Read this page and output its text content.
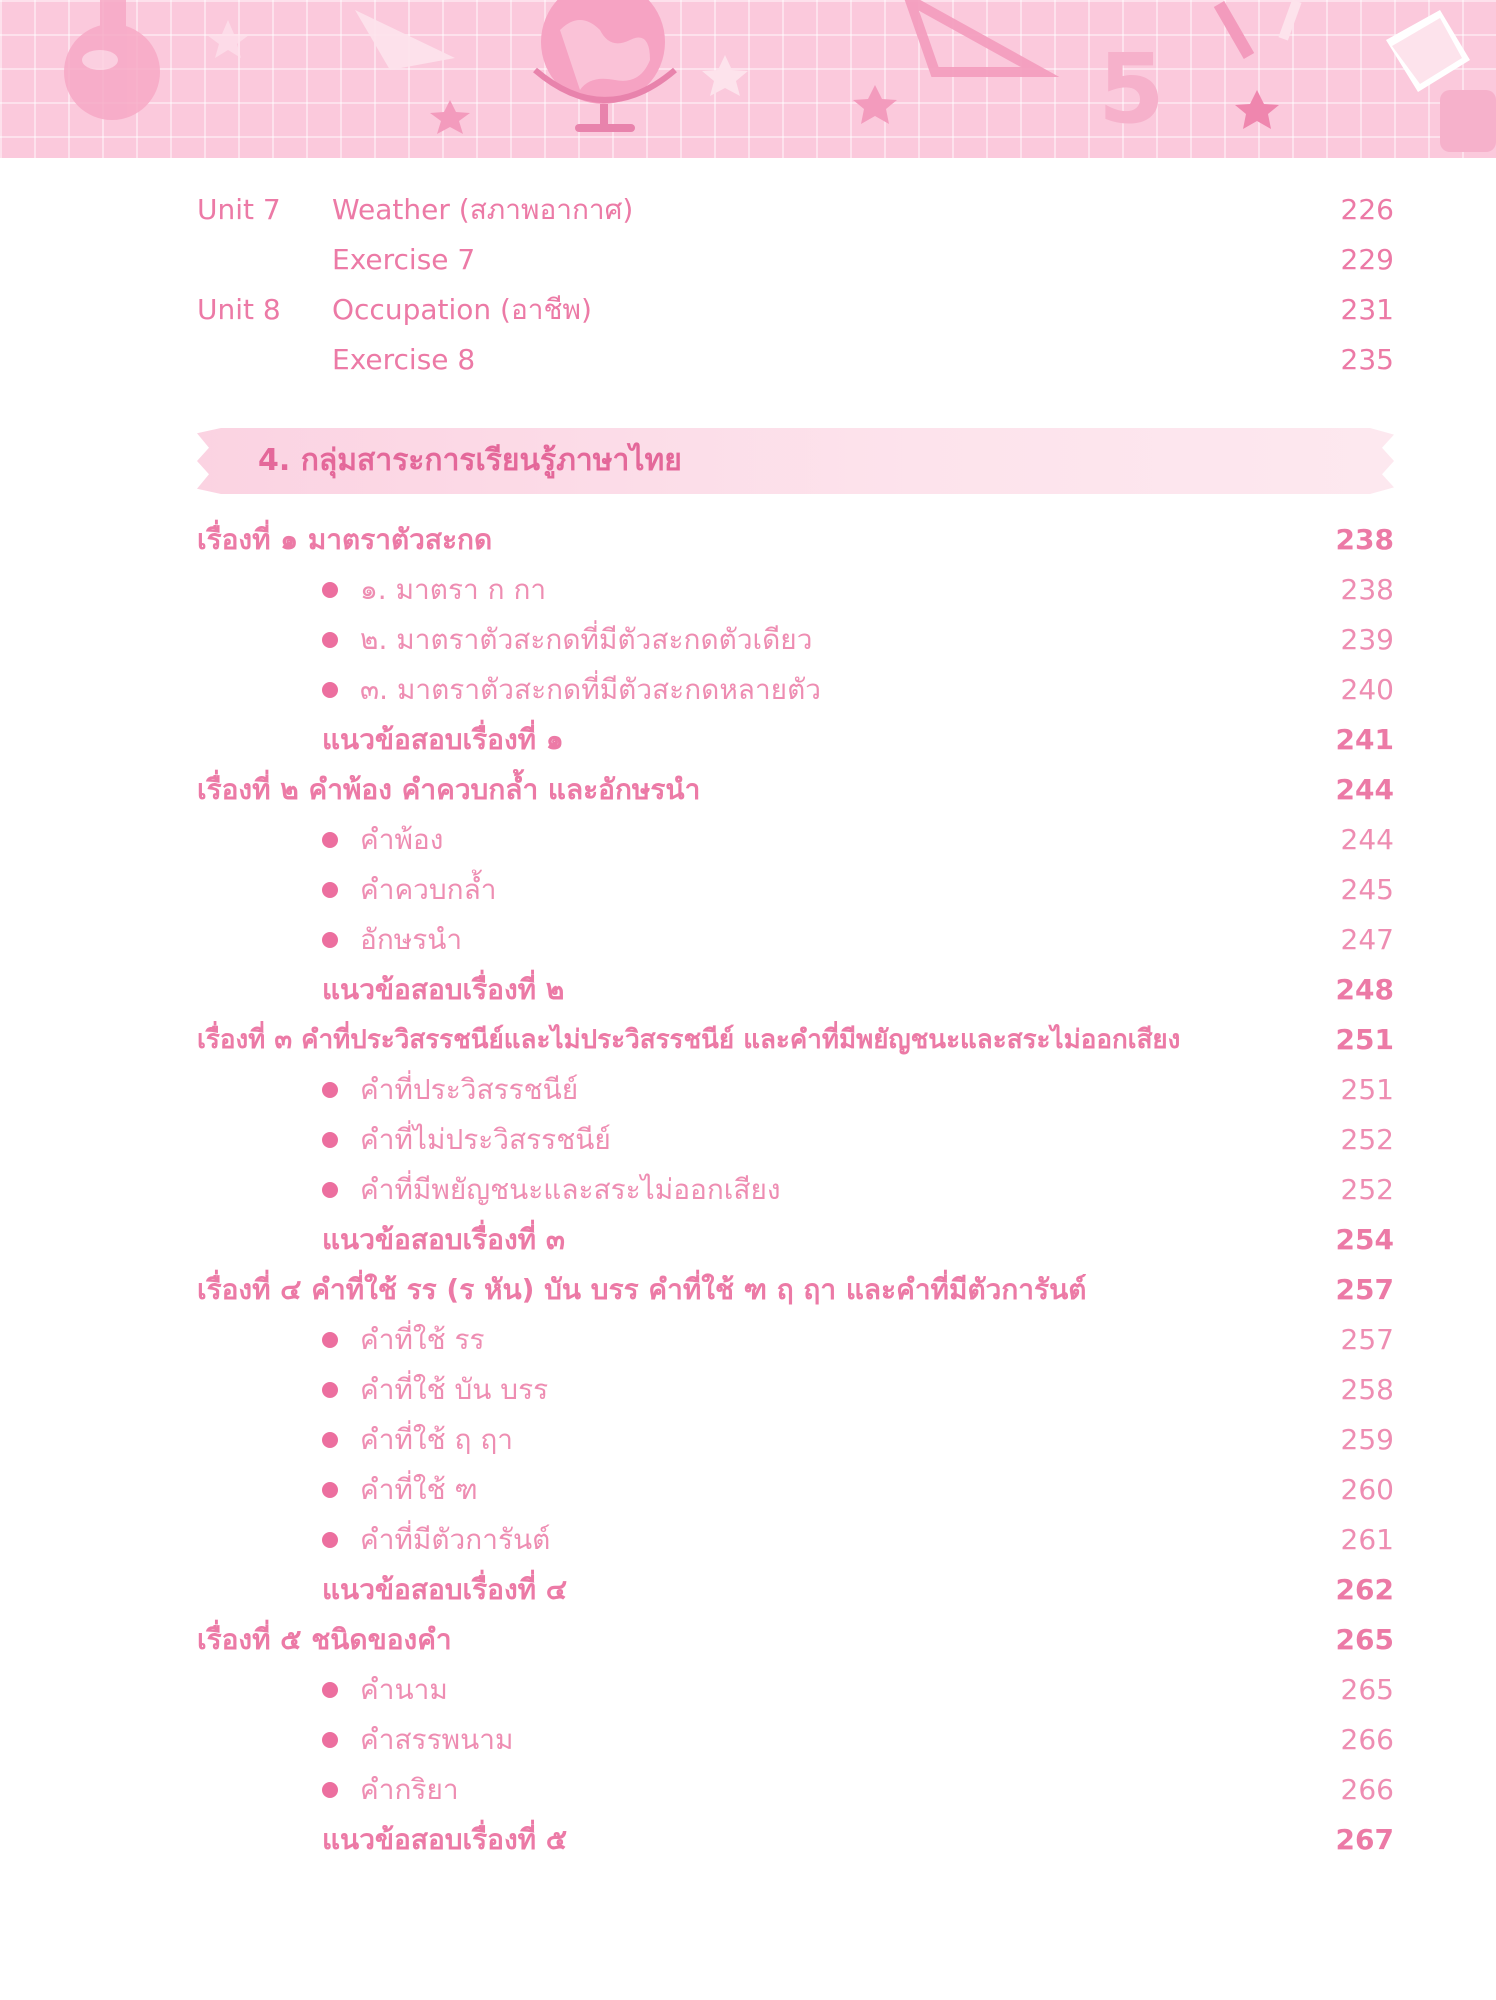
5
Unit 7 Weather (สภาพอากาศ)	226
Exercise 7	229
Unit 8 Occupation (อาชีพ)	231
Exercise 8	235
4. กลุ่มสาระการเรียนรู้ภาษาไทย
เรื่องที่ ๑ มาตราตัวสะกด	238
๑. มาตรา ก กา	238
๒. มาตราตัวสะกดที่มีตัวสะกดตัวเดียว	239
๓. มาตราตัวสะกดที่มีตัวสะกดหลายตัว	240
แนวข้อสอบเรื่องที่ ๑	241
เรื่องที่ ๒ คำพ้อง คำควบกล้ำ และอักษรนำ	244
คำพ้อง	244
คำควบกล้ำ	245
อักษรนำ	247
แนวข้อสอบเรื่องที่ ๒	248
เรื่องที่ ๓ คำที่ประวิสรรชนีย์และไม่ประวิสรรชนีย์ และคำที่มีพยัญชนะและสระไม่ออกเสียง	251
คำที่ประวิสรรชนีย์	251
คำที่ไม่ประวิสรรชนีย์	252
คำที่มีพยัญชนะและสระไม่ออกเสียง	252
แนวข้อสอบเรื่องที่ ๓	254
เรื่องที่ ๔ คำที่ใช้ รร (ร หัน) บัน บรร คำที่ใช้ ฑ ฤ ฤา และคำที่มีตัวการันต์	257
คำที่ใช้ รร	257
คำที่ใช้ บัน บรร	258
คำที่ใช้ ฤ ฤา	259
คำที่ใช้ ฑ	260
คำที่มีตัวการันต์	261
แนวข้อสอบเรื่องที่ ๔	262
เรื่องที่ ๕ ชนิดของคำ	265
คำนาม	265
คำสรรพนาม	266
คำกริยา	266
แนวข้อสอบเรื่องที่ ๕	267
